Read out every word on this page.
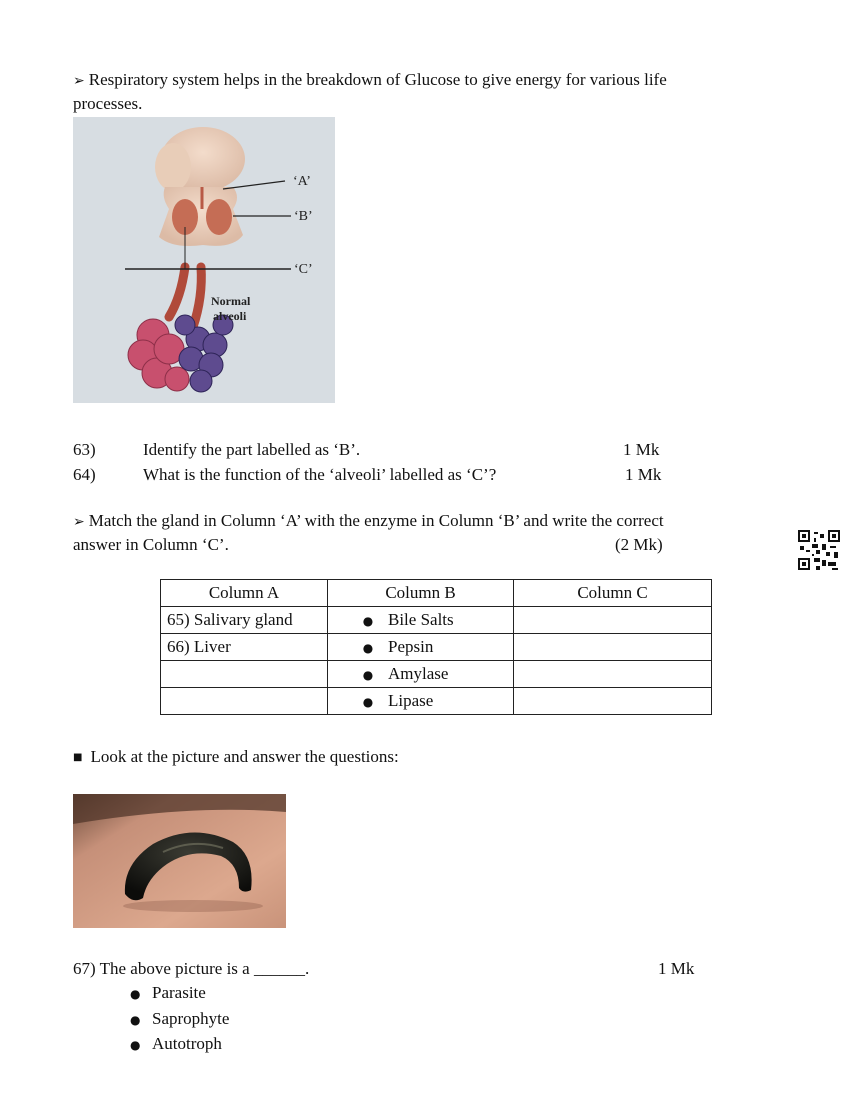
➢ Respiratory system helps in the breakdown of Glucose to give energy for various life
processes.
‘A’
‘B’
‘C’
Normal
alveoli
63)	Identify the part labelled as ‘B’.	1 Mk
64)	What is the function of the ‘alveoli’ labelled as ‘C’?	1 Mk
➢ Match the gland in Column ‘A’ with the enzyme in Column ‘B’ and write the correct
answer in Column ‘C’.	(2 Mk)
Column A	Column B	Column C
65) Salivary gland	● Bile Salts	
66) Liver	● Pepsin	
	● Amylase	
	● Lipase	
■ Look at the picture and answer the questions:
67) The above picture is a ______.	1 Mk
● Parasite
● Saprophyte
● Autotroph
